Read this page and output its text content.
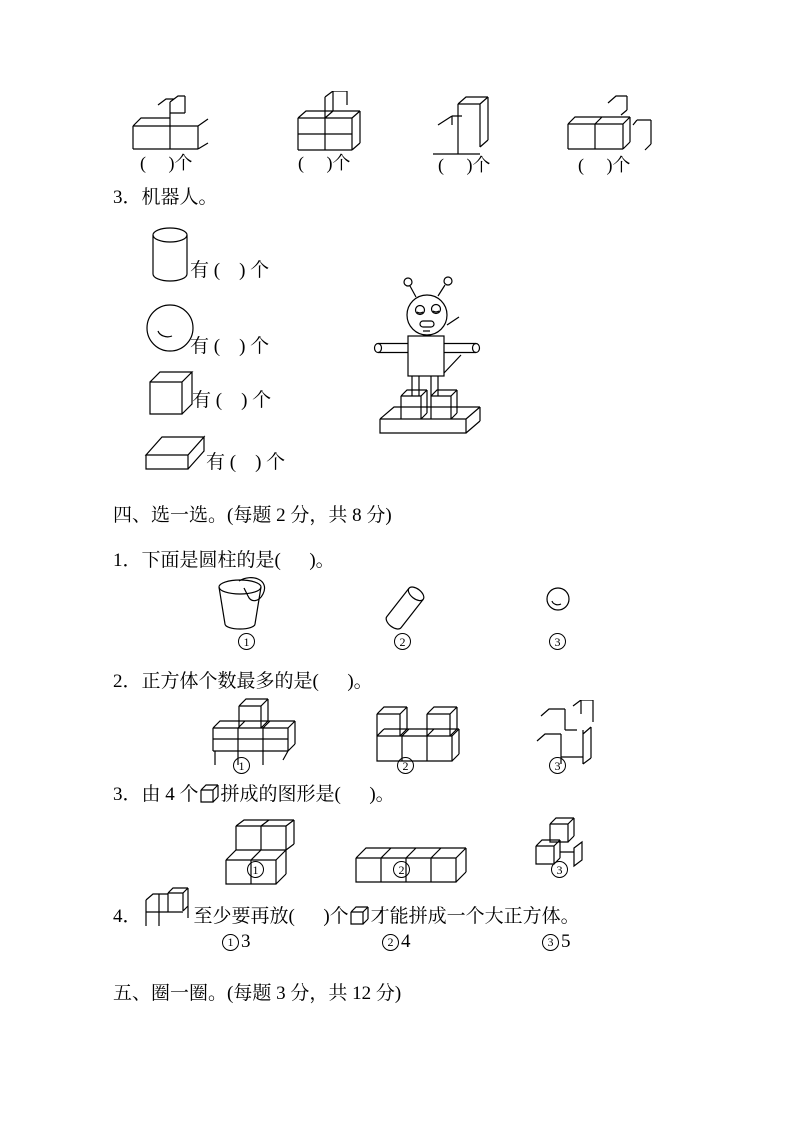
(     )个	(     )个	(     )个	(     )个
3．机器人。
有 (    ) 个
有 (    ) 个
有 (    ) 个
有 (    ) 个
四、选一选。(每题 2 分，共 8 分)
1．下面是圆柱的是(      )。
1	2	3
2．正方体个数最多的是(      )。
1	2	3
3．由 4 个 拼成的图形是(      )。
1	2	3
4．	至少要再放(      )个 才能拼成一个大正方体。
1 3	2 4	3 5
五、圈一圈。(每题 3 分，共 12 分)
